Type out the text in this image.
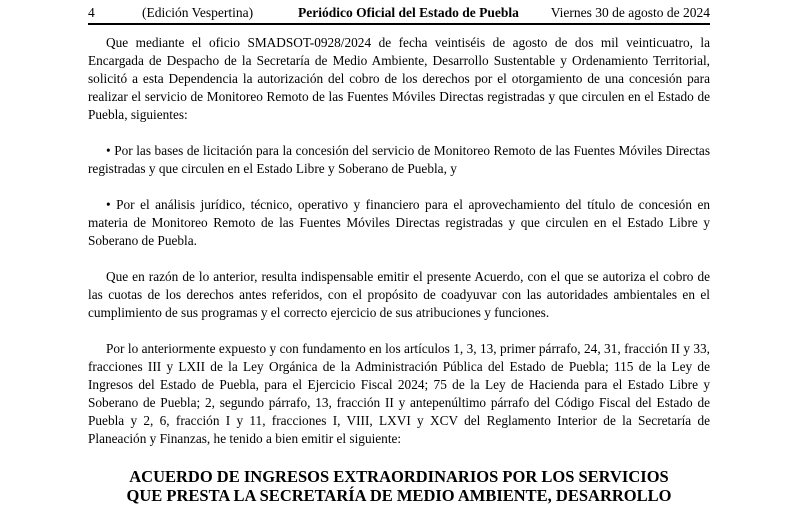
4	(Edición Vespertina)	Periódico Oficial del Estado de Puebla Viernes 30 de agosto de 2024

Que mediante el oficio SMADSOT-0928/2024 de fecha veintiséis de agosto de dos mil veinticuatro, la Encargada de Despacho de la Secretaría de Medio Ambiente, Desarrollo Sustentable y Ordenamiento Territorial, solicitó a esta Dependencia la autorización del cobro de los derechos por el otorgamiento de una concesión para realizar el servicio de Monitoreo Remoto de las Fuentes Móviles Directas registradas y que circulen en el Estado de Puebla, siguientes:

• Por las bases de licitación para la concesión del servicio de Monitoreo Remoto de las Fuentes Móviles Directas registradas y que circulen en el Estado Libre y Soberano de Puebla, y

• Por el análisis jurídico, técnico, operativo y financiero para el aprovechamiento del título de concesión en materia de Monitoreo Remoto de las Fuentes Móviles Directas registradas y que circulen en el Estado Libre y Soberano de Puebla.

Que en razón de lo anterior, resulta indispensable emitir el presente Acuerdo, con el que se autoriza el cobro de las cuotas de los derechos antes referidos, con el propósito de coadyuvar con las autoridades ambientales en el cumplimiento de sus programas y el correcto ejercicio de sus atribuciones y funciones.

Por lo anteriormente expuesto y con fundamento en los artículos 1, 3, 13, primer párrafo, 24, 31, fracción II y 33, fracciones III y LXII de la Ley Orgánica de la Administración Pública del Estado de Puebla; 115 de la Ley de Ingresos del Estado de Puebla, para el Ejercicio Fiscal 2024; 75 de la Ley de Hacienda para el Estado Libre y Soberano de Puebla; 2, segundo párrafo, 13, fracción II y antepenúltimo párrafo del Código Fiscal del Estado de Puebla y 2, 6, fracción I y 11, fracciones I, VIII, LXVI y XCV del Reglamento Interior de la Secretaría de Planeación y Finanzas, he tenido a bien emitir el siguiente:

ACUERDO DE INGRESOS EXTRAORDINARIOS POR LOS SERVICIOS
QUE PRESTA LA SECRETARÍA DE MEDIO AMBIENTE, DESARROLLO
